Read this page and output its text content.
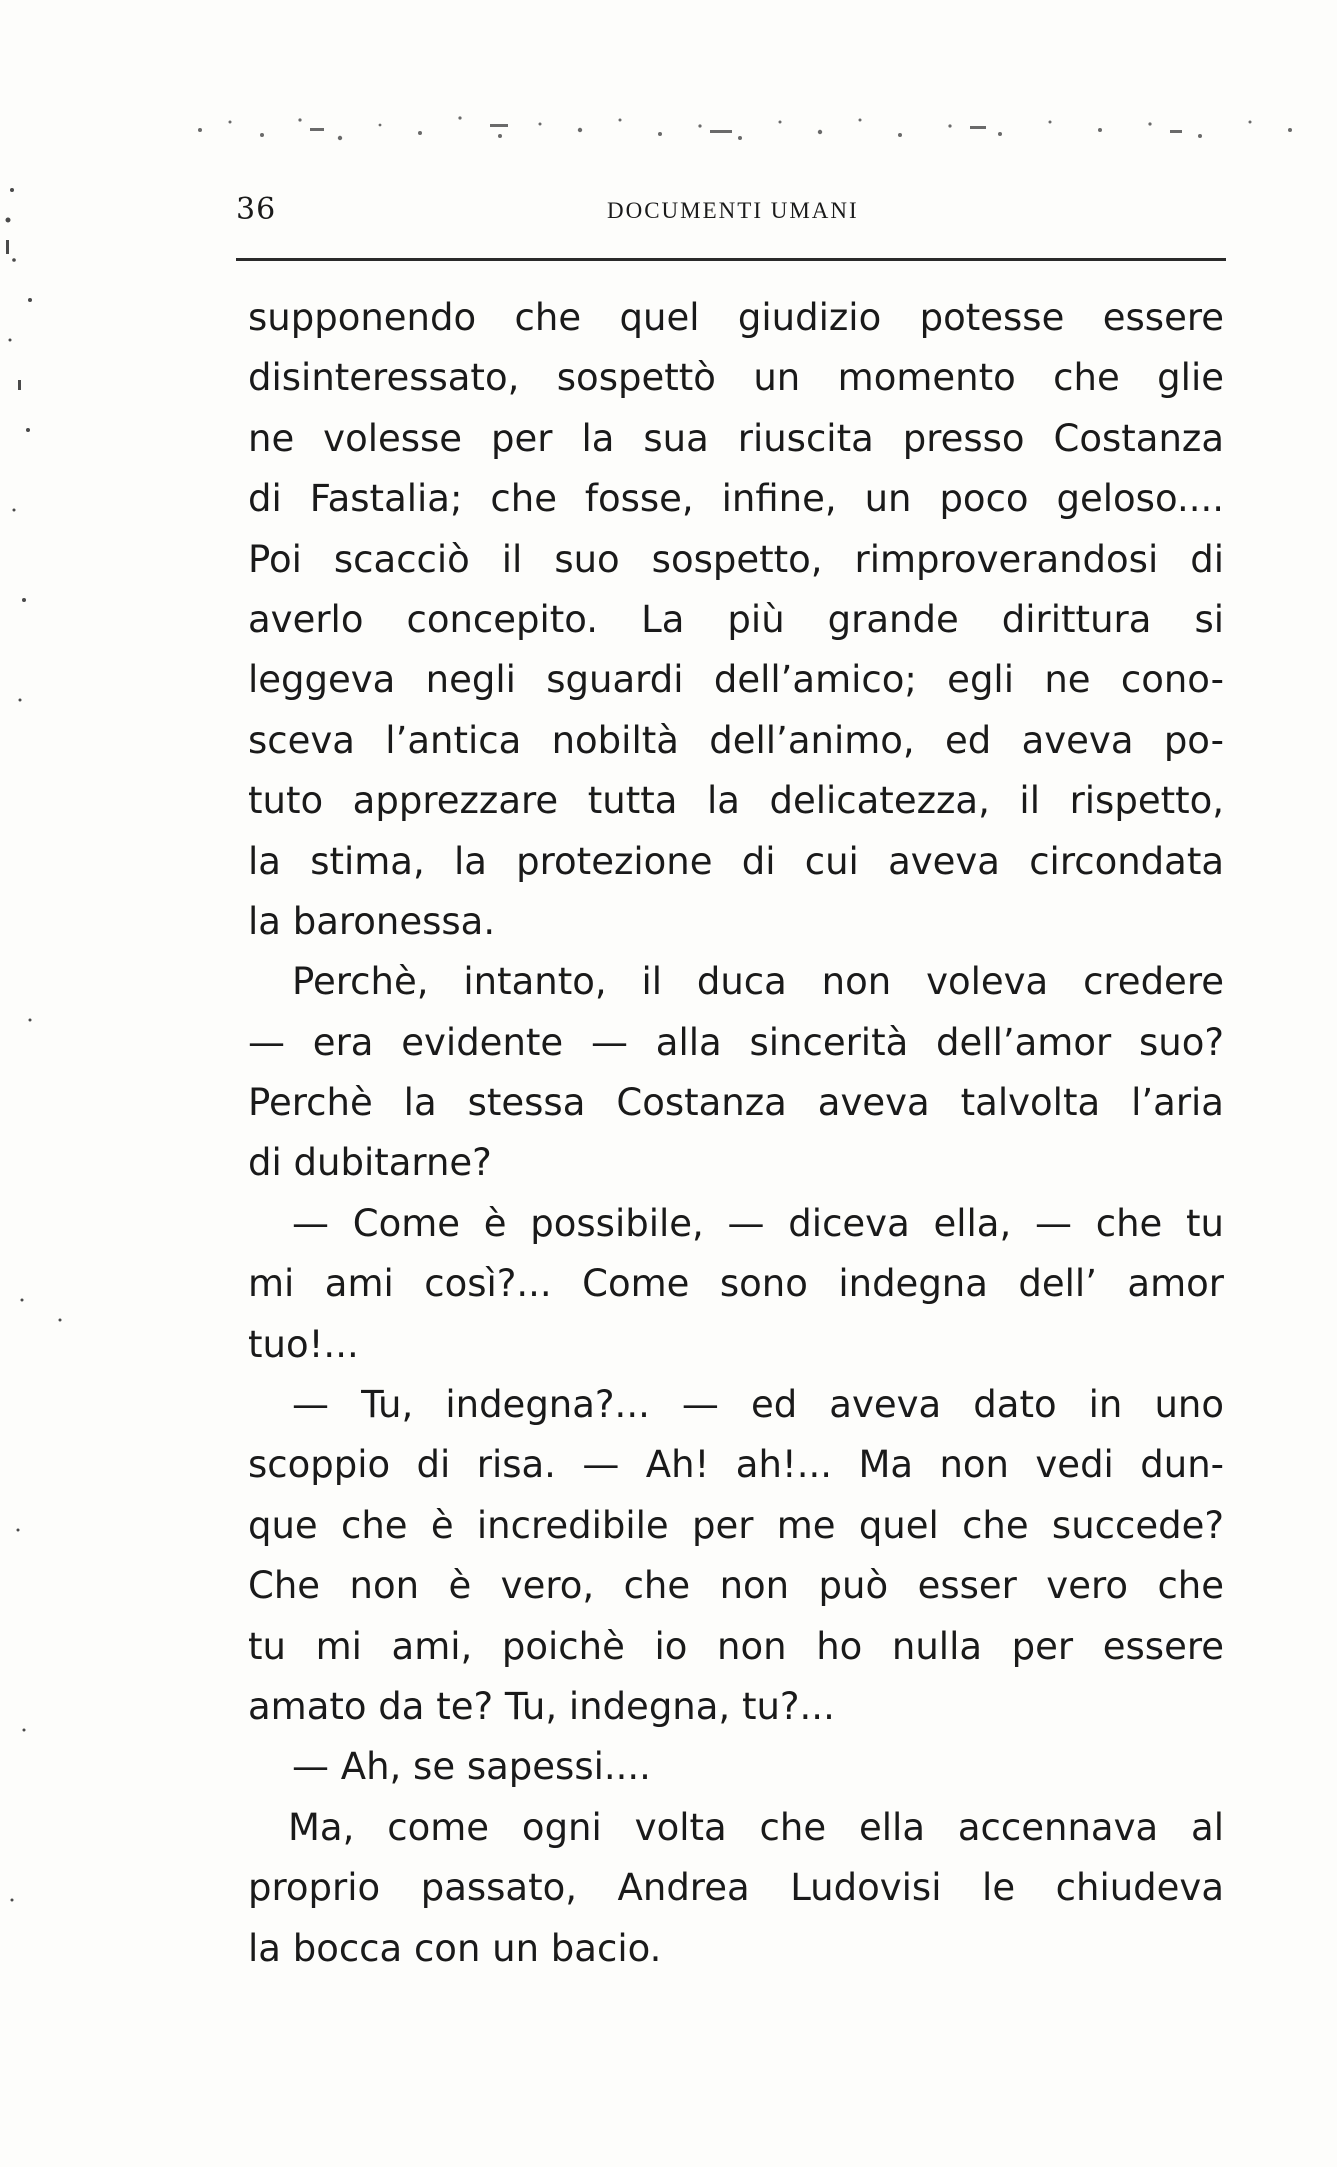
36	DOCUMENTI UMANI
supponendo che quel giudizio potesse essere
disinteressato, sospettò un momento che glie
ne volesse per la sua riuscita presso Costanza
di Fastalia; che fosse, infine, un poco geloso....
Poi scacciò il suo sospetto, rimproverandosi di
averlo concepito. La più grande dirittura si
leggeva negli sguardi dell’amico; egli ne cono-
sceva l’antica nobiltà dell’animo, ed aveva po-
tuto apprezzare tutta la delicatezza, il rispetto,
la stima, la protezione di cui aveva circondata
la baronessa.
Perchè, intanto, il duca non voleva credere
— era evidente — alla sincerità dell’amor suo?
Perchè la stessa Costanza aveva talvolta l’aria
di dubitarne?
— Come è possibile, — diceva ella, — che tu
mi ami così?... Come sono indegna dell’ amor
tuo!...
— Tu, indegna?... — ed aveva dato in uno
scoppio di risa. — Ah! ah!... Ma non vedi dun-
que che è incredibile per me quel che succede?
Che non è vero, che non può esser vero che
tu mi ami, poichè io non ho nulla per essere
amato da te? Tu, indegna, tu?...
— Ah, se sapessi....
Ma, come ogni volta che ella accennava al
proprio passato, Andrea Ludovisi le chiudeva
la bocca con un bacio.
